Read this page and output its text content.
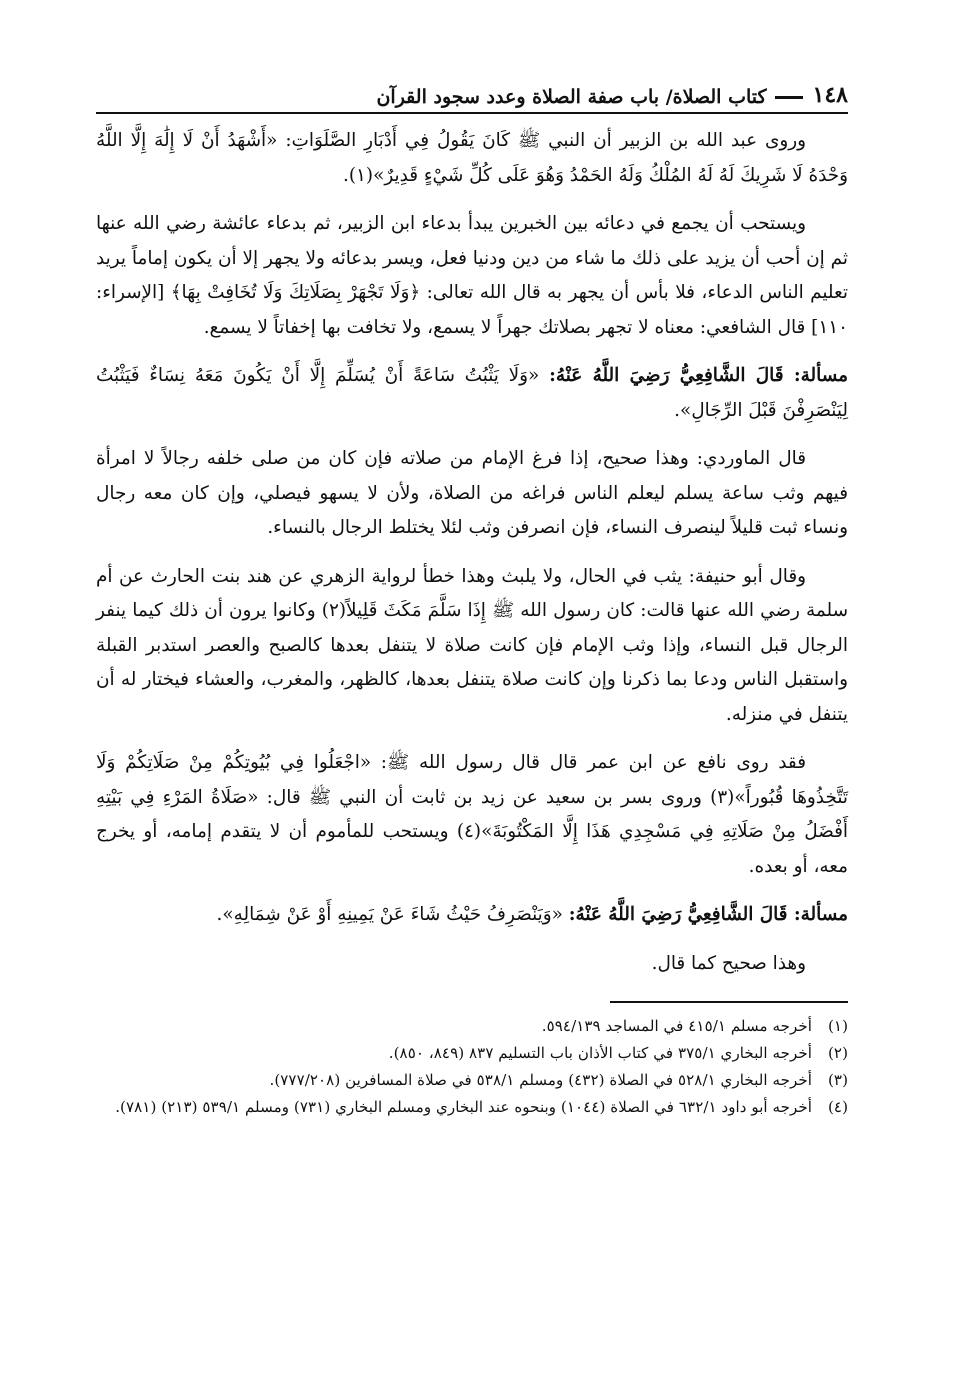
١٤٨
كتاب الصلاة/ باب صفة الصلاة وعدد سجود القرآن

وروى عبد الله بن الزبير أن النبي ﷺ كَانَ يَقُولُ فِي أَدْبَارِ الصَّلَوَاتِ: «أَشْهَدُ أَنْ لَا إِلَٰهَ إِلَّا اللَّهُ وَحْدَهُ لَا شَرِيكَ لَهُ لَهُ المُلْكُ وَلَهُ الحَمْدُ وَهُوَ عَلَى كُلِّ شَيْءٍ قَدِيرٌ»(١).

ويستحب أن يجمع في دعائه بين الخبرين يبدأ بدعاء ابن الزبير، ثم بدعاء عائشة رضي الله عنها ثم إن أحب أن يزيد على ذلك ما شاء من دين ودنيا فعل، ويسر بدعائه ولا يجهر إلا أن يكون إماماً يريد تعليم الناس الدعاء، فلا بأس أن يجهر به قال الله تعالى: ﴿وَلَا تَجْهَرْ بِصَلَاتِكَ وَلَا تُخَافِتْ بِهَا﴾ [الإسراء: ١١٠] قال الشافعي: معناه لا تجهر بصلاتك جهراً لا يسمع، ولا تخافت بها إخفاتاً لا يسمع.

مسألة: قَالَ الشَّافِعِيُّ رَضِيَ اللَّهُ عَنْهُ: «وَلَا يَثْبُتُ سَاعَةً أَنْ يُسَلِّمَ إِلَّا أَنْ يَكُونَ مَعَهُ نِسَاءٌ فَيَثْبُتُ لِيَنْصَرِفْنَ قَبْلَ الرِّجَالِ».

قال الماوردي: وهذا صحيح، إذا فرغ الإمام من صلاته فإن كان من صلى خلفه رجالاً لا امرأة فيهم وثب ساعة يسلم ليعلم الناس فراغه من الصلاة، ولأن لا يسهو فيصلي، وإن كان معه رجال ونساء ثبت قليلاً لينصرف النساء، فإن انصرفن وثب لئلا يختلط الرجال بالنساء.

وقال أبو حنيفة: يثب في الحال، ولا يلبث وهذا خطأ لرواية الزهري عن هند بنت الحارث عن أم سلمة رضي الله عنها قالت: كان رسول الله ﷺ إِذَا سَلَّمَ مَكَثَ قَلِيلاً(٢) وكانوا يرون أن ذلك كيما ينفر الرجال قبل النساء، وإذا وثب الإمام فإن كانت صلاة لا يتنفل بعدها كالصبح والعصر استدبر القبلة واستقبل الناس ودعا بما ذكرنا وإن كانت صلاة يتنفل بعدها، كالظهر، والمغرب، والعشاء فيختار له أن يتنفل في منزله.

فقد روى نافع عن ابن عمر قال قال رسول الله ﷺ: «اجْعَلُوا فِي بُيُوتِكُمْ مِنْ صَلَاتِكُمْ وَلَا تَتَّخِذُوهَا قُبُوراً»(٣) وروى بسر بن سعيد عن زيد بن ثابت أن النبي ﷺ قال: «صَلَاةُ المَرْءِ فِي بَيْتِهِ أَفْضَلُ مِنْ صَلَاتِهِ فِي مَسْجِدِي هَذَا إِلَّا المَكْتُوبَةَ»(٤) ويستحب للمأموم أن لا يتقدم إمامه، أو يخرج معه، أو بعده.

مسألة: قَالَ الشَّافِعِيُّ رَضِيَ اللَّهُ عَنْهُ: «وَيَنْصَرِفُ حَيْثُ شَاءَ عَنْ يَمِينِهِ أَوْ عَنْ شِمَالِهِ».

وهذا صحيح كما قال.

(١)
أخرجه مسلم ٤١٥/١ في المساجد ٥٩٤/١٣٩.
(٢)
أخرجه البخاري ٣٧٥/١ في كتاب الأذان باب التسليم ٨٣٧ (٨٤٩، ٨٥٠).
(٣)
أخرجه البخاري ٥٢٨/١ في الصلاة (٤٣٢) ومسلم ٥٣٨/١ في صلاة المسافرين (٧٧٧/٢٠٨).
(٤)
أخرجه أبو داود ٦٣٢/١ في الصلاة (١٠٤٤) وبنحوه عند البخاري ومسلم البخاري (٧٣١) ومسلم ٥٣٩/١ (٢١٣) (٧٨١).
